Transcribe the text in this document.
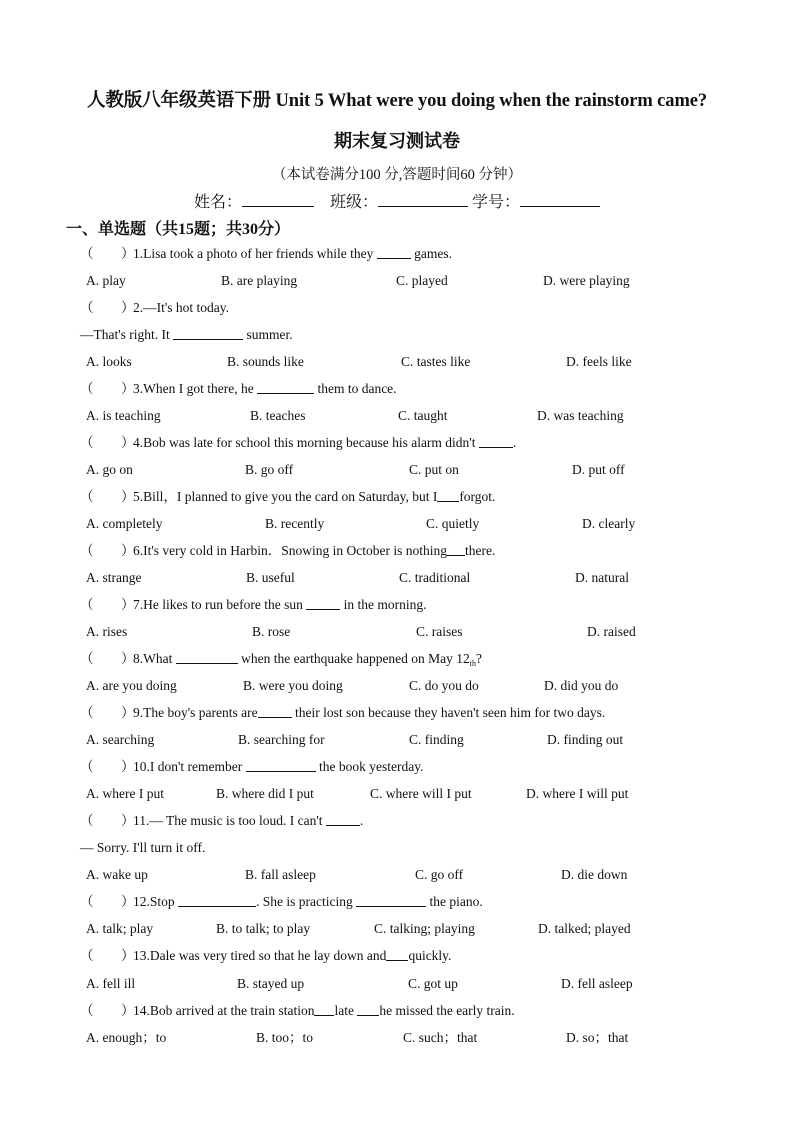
人教版八年级英语下册 Unit 5 What were you doing when the rainstorm came?
期末复习测试卷
（本试卷满分100 分,答题时间60 分钟）
姓名：	班级：	学号：
一、单选题（共15题；共30分）
（ ）1.Lisa took a photo of her friends while they	games.
A. play	B. are playing	C. played	D. were playing
（ ）2.—It's hot today.
—That's right. It	summer.
A. looks	B. sounds like	C. tastes like	D. feels like
（ ）3.When I got there, he	them to dance.
A. is teaching	B. teaches	C. taught	D. was teaching
（ ）4.Bob was late for school this morning because his alarm didn't	.
A. go on	B. go off	C. put on	D. put off
（ ）5.Bill，I planned to give you the card on Saturday, but I forgot.
A. completely	B. recently	C. quietly	D. clearly
（ ）6.It's very cold in Harbin．Snowing in October is nothing there.
A. strange	B. useful	C. traditional	D. natural
（ ）7.He likes to run before the sun	in the morning.
A. rises	B. rose	C. raises	D. raised
（ ）8.What	when the earthquake happened on May $12_{th}$?
A. are you doing	B. were you doing	C. do you do	D. did you do
（ ）9.The boy's parents are	their lost son because they haven't seen him for two days.
A. searching	B. searching for	C. finding	D. finding out
（ ）10.I don't remember	the book yesterday.
A. where I put	B. where did I put	C. where will I put	D. where I will put
（ ）11.— The music is too loud. I can't	.
— Sorry. I'll turn it off.
A. wake up	B. fall asleep	C. go off	D. die down
（ ）12.Stop	. She is practicing	the piano.
A. talk; play	B. to talk; to play	C. talking; playing	D. talked; played
（ ）13.Dale was very tired so that he lay down and quickly.
A. fell ill	B. stayed up	C. got up	D. fell asleep
（ ）14.Bob arrived at the train station late he missed the early train.
A. enough；to	B. too；to	C. such；that	D. so；that
